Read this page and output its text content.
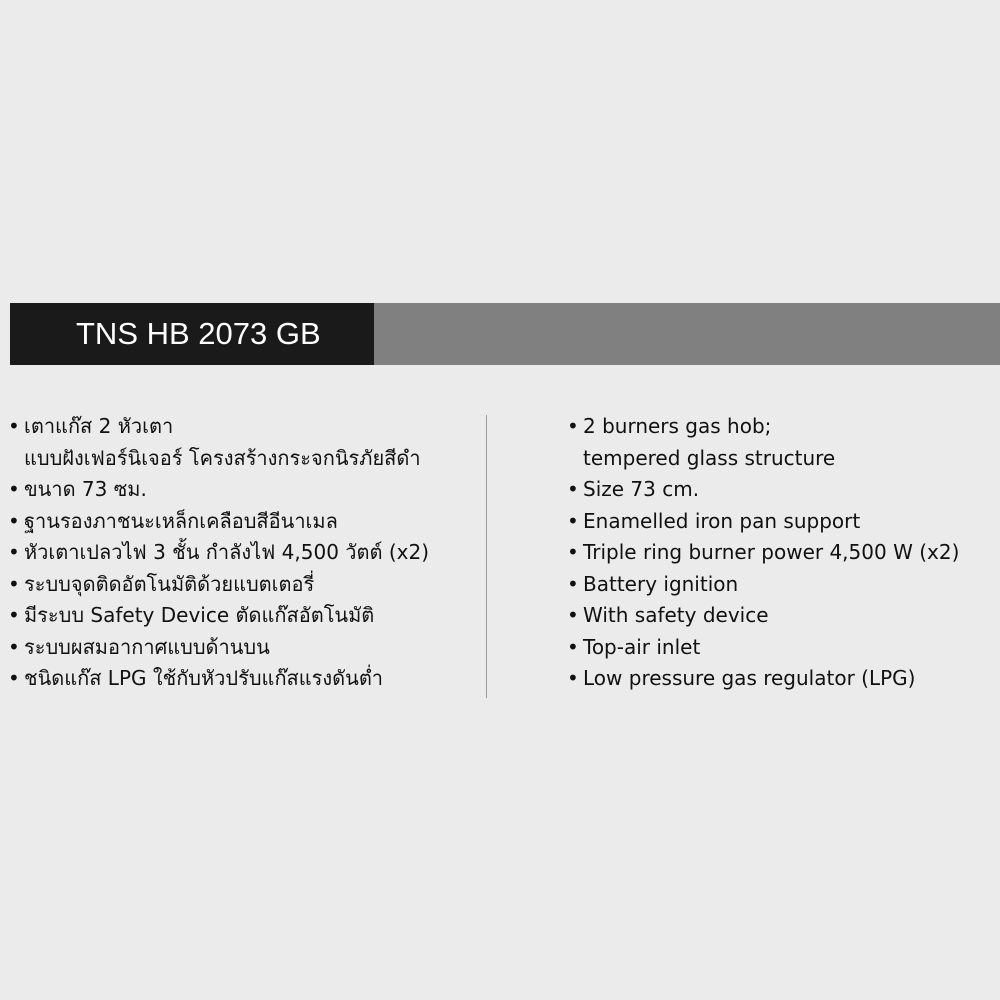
TNS HB 2073 GB
• เตาแก๊ส 2 หัวเตา
แบบฝังเฟอร์นิเจอร์ โครงสร้างกระจกนิรภัยสีดำ
• ขนาด 73 ซม.
• ฐานรองภาชนะเหล็กเคลือบสีอีนาเมล
• หัวเตาเปลวไฟ 3 ชั้น กำลังไฟ 4,500 วัตต์ (x2)
• ระบบจุดติดอัตโนมัติด้วยแบตเตอรี่
• มีระบบ Safety Device ตัดแก๊สอัตโนมัติ
• ระบบผสมอากาศแบบด้านบน
• ชนิดแก๊ส LPG ใช้กับหัวปรับแก๊สแรงดันต่ำ
• 2 burners gas hob;
tempered glass structure
• Size 73 cm.
• Enamelled iron pan support
• Triple ring burner power 4,500 W (x2)
• Battery ignition
• With safety device
• Top-air inlet
• Low pressure gas regulator (LPG)
